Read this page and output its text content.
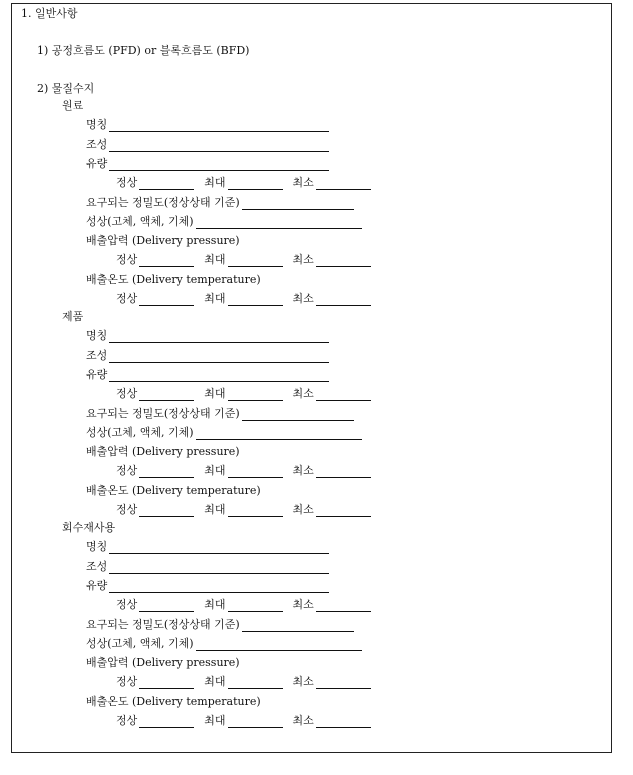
1. 일반사항
1) 공정흐름도 (PFD) or 블록흐름도 (BFD)
2) 물질수지
원료
명칭
조성
유량
정상	최대	최소
요구되는 정밀도(정상상태 기준)
성상(고체, 액체, 기체)
배출압력 (Delivery pressure)
정상	최대	최소
배출온도 (Delivery temperature)
정상	최대	최소
제품
명칭
조성
유량
정상	최대	최소
요구되는 정밀도(정상상태 기준)
성상(고체, 액체, 기체)
배출압력 (Delivery pressure)
정상	최대	최소
배출온도 (Delivery temperature)
정상	최대	최소
회수재사용
명칭
조성
유량
정상	최대	최소
요구되는 정밀도(정상상태 기준)
성상(고체, 액체, 기체)
배출압력 (Delivery pressure)
정상	최대	최소
배출온도 (Delivery temperature)
정상	최대	최소
